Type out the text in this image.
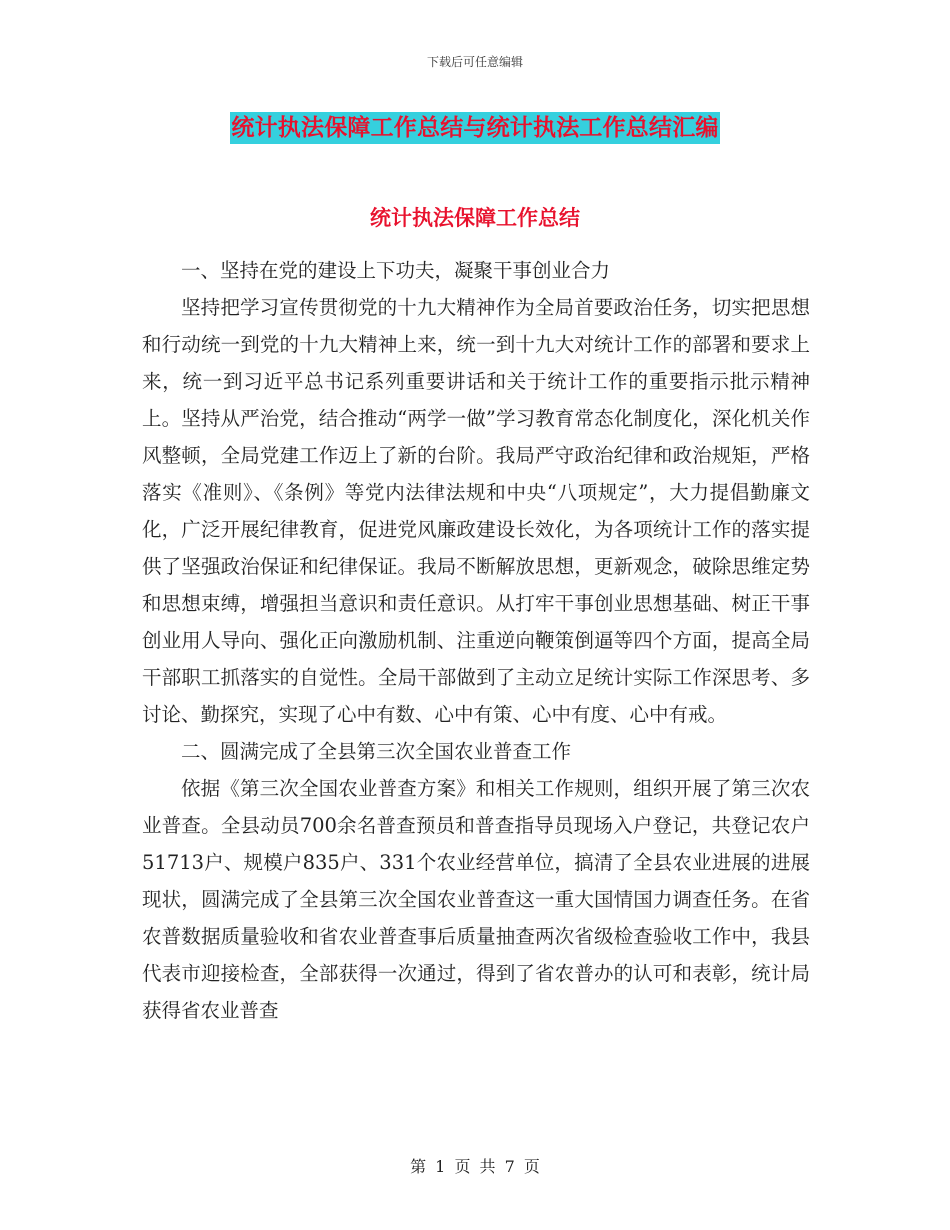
下载后可任意编辑
统计执法保障工作总结与统计执法工作总结汇编
统计执法保障工作总结

一、坚持在党的建设上下功夫，凝聚干事创业合力

坚持把学习宣传贯彻党的十九大精神作为全局首要政治任务，切实把思想和行动统一到党的十九大精神上来，统一到十九大对统计工作的部署和要求上来，统一到习近平总书记系列重要讲话和关于统计工作的重要指示批示精神上。坚持从严治党，结合推动“两学一做”学习教育常态化制度化，深化机关作风整顿，全局党建工作迈上了新的台阶。我局严守政治纪律和政治规矩，严格落实《准则》、《条例》等党内法律法规和中央“八项规定”，大力提倡勤廉文化，广泛开展纪律教育，促进党风廉政建设长效化，为各项统计工作的落实提供了坚强政治保证和纪律保证。我局不断解放思想，更新观念，破除思维定势和思想束缚，增强担当意识和责任意识。从打牢干事创业思想基础、树正干事创业用人导向、强化正向激励机制、注重逆向鞭策倒逼等四个方面，提高全局干部职工抓落实的自觉性。全局干部做到了主动立足统计实际工作深思考、多讨论、勤探究，实现了心中有数、心中有策、心中有度、心中有戒。

二、圆满完成了全县第三次全国农业普查工作

依据《第三次全国农业普查方案》和相关工作规则，组织开展了第三次农业普查。全县动员700余名普查预员和普查指导员现场入户登记，共登记农户51713户、规模户835户、331个农业经营单位，搞清了全县农业进展的进展现状，圆满完成了全县第三次全国农业普查这一重大国情国力调查任务。在省农普数据质量验收和省农业普查事后质量抽查两次省级检查验收工作中，我县代表市迎接检查，全部获得一次通过，得到了省农普办的认可和表彰，统计局获得省农业普查

第 1 页 共 7 页
